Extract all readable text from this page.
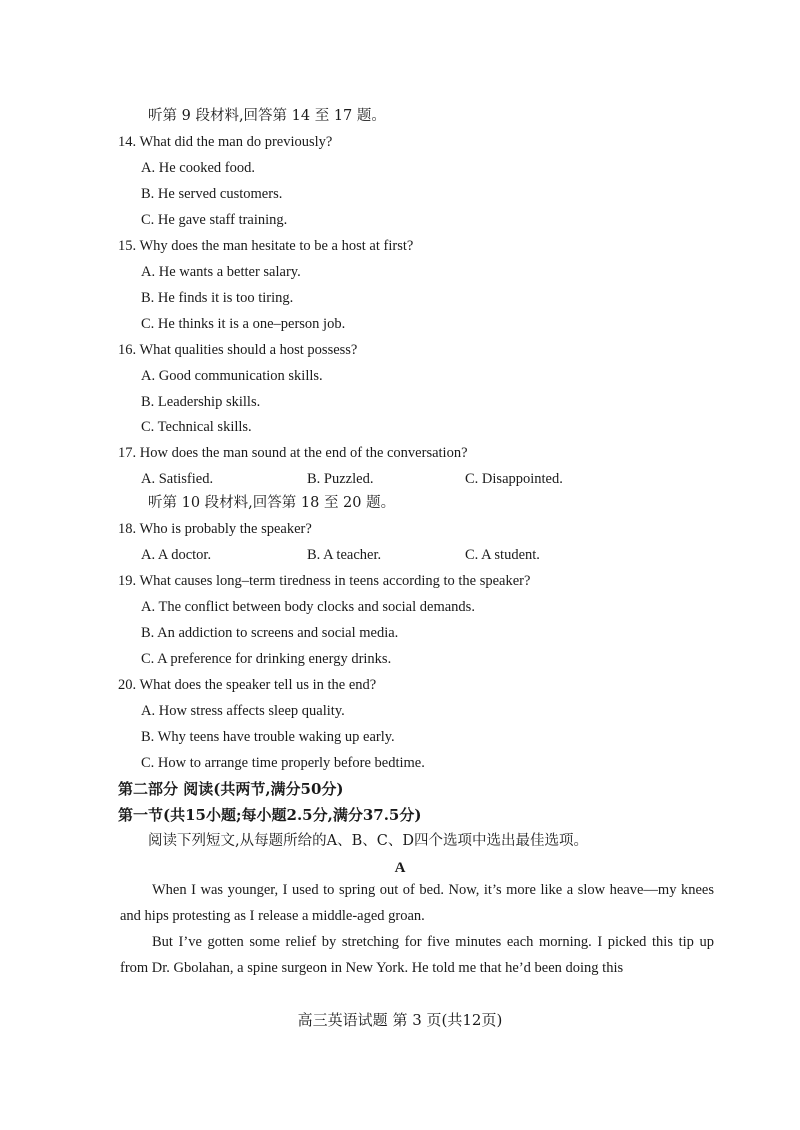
听第 9 段材料,回答第 14 至 17 题。
14. What did the man do previously?
A. He cooked food.
B. He served customers.
C. He gave staff training.
15. Why does the man hesitate to be a host at first?
A. He wants a better salary.
B. He finds it is too tiring.
C. He thinks it is a one–person job.
16. What qualities should a host possess?
A. Good communication skills.
B. Leadership skills.
C. Technical skills.
17. How does the man sound at the end of the conversation?
A. Satisfied.	B. Puzzled.	C. Disappointed.
听第 10 段材料,回答第 18 至 20 题。
18. Who is probably the speaker?
A. A doctor.	B. A teacher.	C. A student.
19. What causes long–term tiredness in teens according to the speaker?
A. The conflict between body clocks and social demands.
B. An addiction to screens and social media.
C. A preference for drinking energy drinks.
20. What does the speaker tell us in the end?
A. How stress affects sleep quality.
B. Why teens have trouble waking up early.
C. How to arrange time properly before bedtime.
第二部分 阅读(共两节,满分50分)
第一节(共15小题;每小题2.5分,满分37.5分)
阅读下列短文,从每题所给的A、B、C、D四个选项中选出最佳选项。
A
When I was younger, I used to spring out of bed. Now, it’s more like a slow heave—my knees and hips protesting as I release a middle-aged groan.
But I’ve gotten some relief by stretching for five minutes each morning. I picked this tip up from Dr. Gbolahan, a spine surgeon in New York. He told me that he’d been doing this
高三英语试题 第 3 页(共12页)
